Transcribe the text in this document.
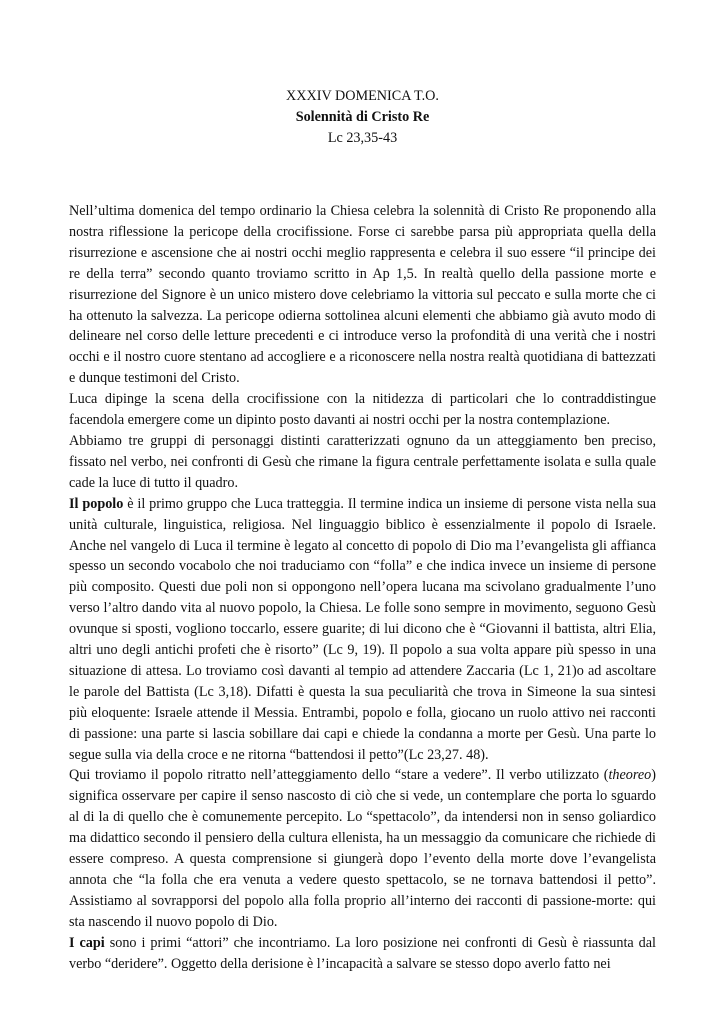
XXXIV DOMENICA T.O.
Solennità di Cristo Re
Lc 23,35-43

Nell’ultima domenica del tempo ordinario la Chiesa celebra la solennità di Cristo Re proponendo alla nostra riflessione la pericope della crocifissione. Forse ci sarebbe parsa più appropriata quella della risurrezione e ascensione che ai nostri occhi meglio rappresenta e celebra il suo essere “il principe dei re della terra” secondo quanto troviamo scritto in Ap 1,5. In realtà quello della passione morte e risurrezione del Signore è un unico mistero dove celebriamo la vittoria sul peccato e sulla morte che ci ha ottenuto la salvezza. La pericope odierna sottolinea alcuni elementi che abbiamo già avuto modo di delineare nel corso delle letture precedenti e ci introduce verso la profondità di una verità che i nostri occhi e il nostro cuore stentano ad accogliere e a riconoscere nella nostra realtà quotidiana di battezzati e dunque testimoni del Cristo.

Luca dipinge la scena della crocifissione con la nitidezza di particolari che lo contraddistingue facendola emergere come un dipinto posto davanti ai nostri occhi per la nostra contemplazione.

Abbiamo tre gruppi di personaggi distinti caratterizzati ognuno da un atteggiamento ben preciso, fissato nel verbo, nei confronti di Gesù che rimane la figura centrale perfettamente isolata e sulla quale cade la luce di tutto il quadro.

Il popolo è il primo gruppo che Luca tratteggia. Il termine indica un insieme di persone vista nella sua unità culturale, linguistica, religiosa. Nel linguaggio biblico è essenzialmente il popolo di Israele. Anche nel vangelo di Luca il termine è legato al concetto di popolo di Dio ma l’evangelista gli affianca spesso un secondo vocabolo che noi traduciamo con “folla” e che indica invece un insieme di persone più composito. Questi due poli non si oppongono nell’opera lucana ma scivolano gradualmente l’uno verso l’altro dando vita al nuovo popolo, la Chiesa. Le folle sono sempre in movimento, seguono Gesù ovunque si sposti, vogliono toccarlo, essere guarite; di lui dicono che è “Giovanni il battista, altri Elia, altri uno degli antichi profeti che è risorto” (Lc 9, 19). Il popolo a sua volta appare più spesso in una situazione di attesa. Lo troviamo così davanti al tempio ad attendere Zaccaria (Lc 1, 21)o ad ascoltare le parole del Battista (Lc 3,18). Difatti è questa la sua peculiarità che trova in Simeone la sua sintesi più eloquente: Israele attende il Messia. Entrambi, popolo e folla, giocano un ruolo attivo nei racconti di passione: una parte si lascia sobillare dai capi e chiede la condanna a morte per Gesù. Una parte lo segue sulla via della croce e ne ritorna “battendosi il petto”(Lc 23,27. 48).

Qui troviamo il popolo ritratto nell’atteggiamento dello “stare a vedere”. Il verbo utilizzato (theoreo) significa osservare per capire il senso nascosto di ciò che si vede, un contemplare che porta lo sguardo al di la di quello che è comunemente percepito. Lo “spettacolo”, da intendersi non in senso goliardico ma didattico secondo il pensiero della cultura ellenista, ha un messaggio da comunicare che richiede di essere compreso. A questa comprensione si giungerà dopo l’evento della morte dove l’evangelista annota che “la folla che era venuta a vedere questo spettacolo, se ne tornava battendosi il petto”. Assistiamo al sovrapporsi del popolo alla folla proprio all’interno dei racconti di passione-morte: qui sta nascendo il nuovo popolo di Dio.

I capi sono i primi “attori” che incontriamo. La loro posizione nei confronti di Gesù è riassunta dal verbo “deridere”. Oggetto della derisione è l’incapacità a salvare se stesso dopo averlo fatto nei
